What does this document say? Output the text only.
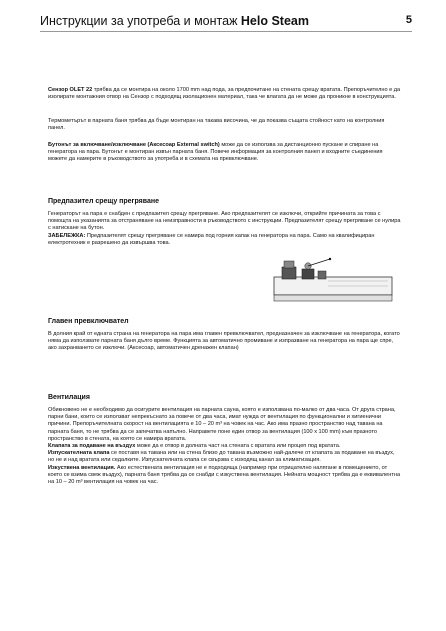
Инструкции за употреба и монтаж Helo Steam	5

Сензор OLET 22 трябва да се монтира на около 1700 mm над пода, за предпочитане на стената срещу вратата. Препоръчително е да изолирате монтажния отвор на Сензор с подходящ изолационен материал, така че влагата да не може да проникне в конструкцията.

Термометърът в парната баня трябва да бъде монтиран на такава височина, че да показва същата стойност като на контролния панел.

Бутонът за включване/изключване (Аксесоар External switch) може да се използва за дистанционно пускане и спиране на генератора на пара. Бутонът е монтиран извън парната баня. Повече информация за контролния панел и входните съединения можете да намерите в ръководството за употреба и в схемата на превключване.

Предпазител срещу прегряване

Генераторът на пара е снабден с предпазител срещу прегряване. Ако предпазителят се изключи, открийте причината за това с помощта на указанията за отстраняване на неизправности в ръководството с инструкции. Предпазителят срещу прегряване се нулира с натискане на бутон.

ЗАБЕЛЕЖКА: Предпазителят срещу прегряване се намира под горния капак на генератора на пара. Само на квалифициран електротехник е разрешено да извършва това.

Главен превключвател

В долния край от едната страна на генератора на пара има главен превключвател, предназначен за изключване на генератора, когато няма да използвате парната баня дълго време. Функцията за автоматично промиване и изпразване на генератора на пара ще спре, ако захранването се изключи. (Аксесоар, автоматичен дренажен клапан)

Вентилация

Обикновено не е необходимо да осигурите вентилация на парната сауна, която е използвана по-малко от два часа. От друга страна, парни бани, които се използват непрекъснато за повече от два часа, имат нужда от вентилация по функционални и хигиенични причини. Препоръчителната скорост на вентилацията е 10 – 20 m³ на човек на час. Ако има празно пространство над тавана на парната баня, то не трябва да се запечатва напълно. Направете поне един отвор за вентилация (100 x 100 mm) към празното пространство в стената, на която се намира вратата.

Клапата за подаване на въздух може да е отвор в долната част на стената с вратата или процеп под вратата.

Изпускателната клапа се поставя на тавана или на стена близо до тавана възможно най-далече от клапата за подаване на въздух, но не и над вратата или седалките. Изпускателната клапа се свързва с изходящ канал за климатизация.

Изкуствена вентилация. Ако естествената вентилация не е подходяща (например при отрицателно налягане в помещението, от което се взима свеж въздух), парната баня трябва да се снабди с изкуствена вентилация. Нейната мощност трябва да е еквивалентна на 10 – 20 m³ вентилация на човек на час.
